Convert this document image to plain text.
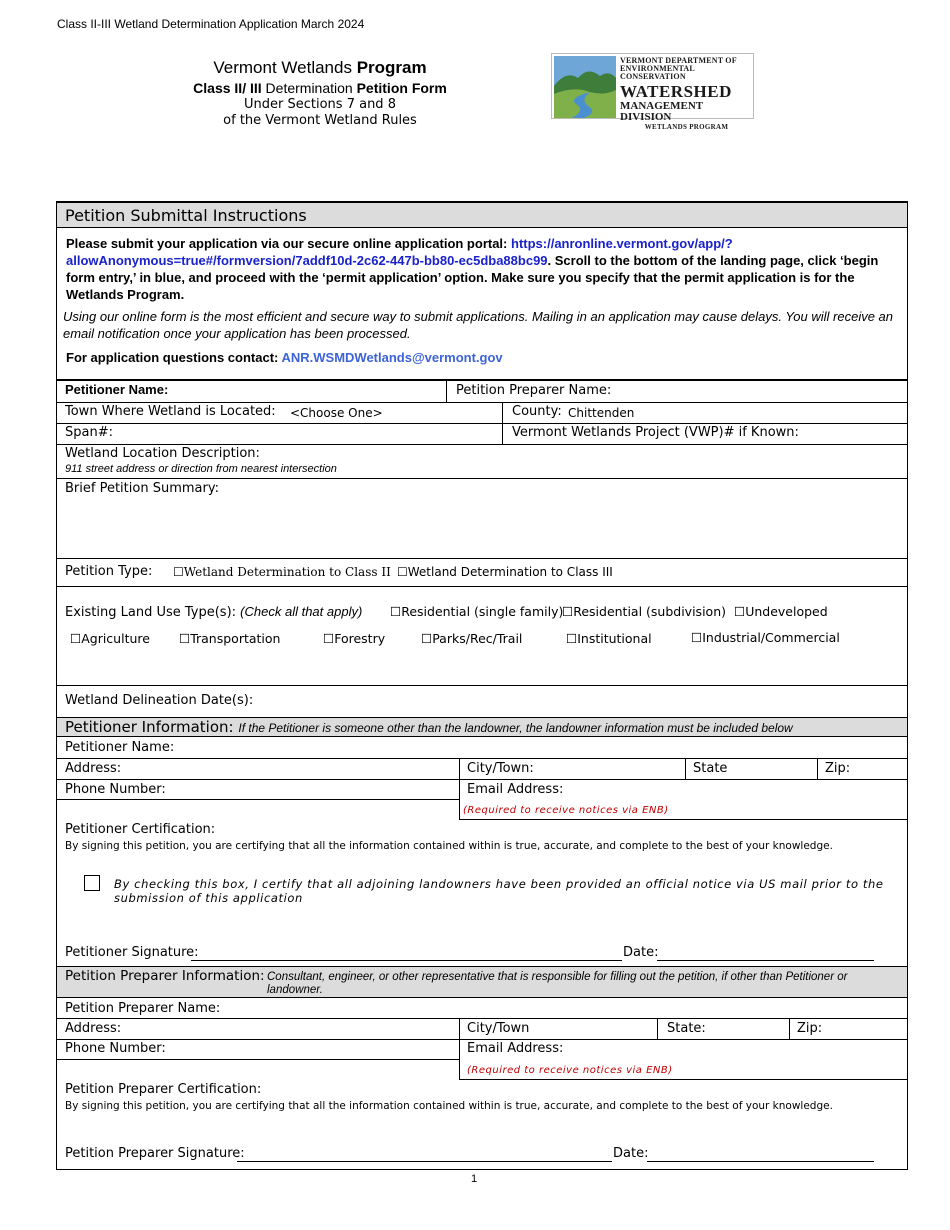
Class II-III Wetland Determination Application March 2024
Vermont Wetlands Program
Class II/ III Determination Petition Form
Under Sections 7 and 8
of the Vermont Wetland Rules
VERMONT DEPARTMENT OF
ENVIRONMENTAL CONSERVATION
WATERSHED
MANAGEMENT DIVISION
WETLANDS PROGRAM
Petition Submittal Instructions
Please submit your application via our secure online application portal: https://anronline.vermont.gov/app/?allowAnonymous=true#/formversion/7addf10d-2c62-447b-bb80-ec5dba88bc99. Scroll to the bottom of the landing page, click ‘begin form entry,’ in blue, and proceed with the ‘permit application’ option. Make sure you specify that the permit application is for the Wetlands Program.
Using our online form is the most efficient and secure way to submit applications. Mailing in an application may cause delays. You will receive an email notification once your application has been processed.
For application questions contact: ANR.WSMDWetlands@vermont.gov
Petitioner Name:	Petition Preparer Name:
Town Where Wetland is Located: <Choose One>	County: Chittenden
Span#:	Vermont Wetlands Project (VWP)# if Known:
Wetland Location Description:
911 street address or direction from nearest intersection
Brief Petition Summary:
Petition Type: ☐Wetland Determination to Class II ☐Wetland Determination to Class III
Existing Land Use Type(s): (Check all that apply) ☐Residential (single family)
☐Residential (subdivision) ☐Undeveloped
☐Agriculture ☐Transportation	☐Forestry	☐Parks/Rec/Trail	☐Institutional	☐Industrial/Commercial
Wetland Delineation Date(s):
Petitioner Information: If the Petitioner is someone other than the landowner, the landowner information must be included below
Petitioner Name:
Address:	City/Town:	State	Zip:
Phone Number:	Email Address:
(Required to receive notices via ENB)
Petitioner Certification:
By signing this petition, you are certifying that all the information contained within is true, accurate, and complete to the best of your knowledge.
By checking this box, I certify that all adjoining landowners have been provided an official notice via US mail prior to the submission of this application
Petitioner Signature:	Date:
Petition Preparer Information: Consultant, engineer, or other representative that is responsible for filling out the petition, if other than Petitioner or landowner.
Petition Preparer Name:
Address:	City/Town	State:	Zip:
Phone Number:	Email Address:
(Required to receive notices via ENB)
Petition Preparer Certification:
By signing this petition, you are certifying that all the information contained within is true, accurate, and complete to the best of your knowledge.
Petition Preparer Signature:	Date:
1
